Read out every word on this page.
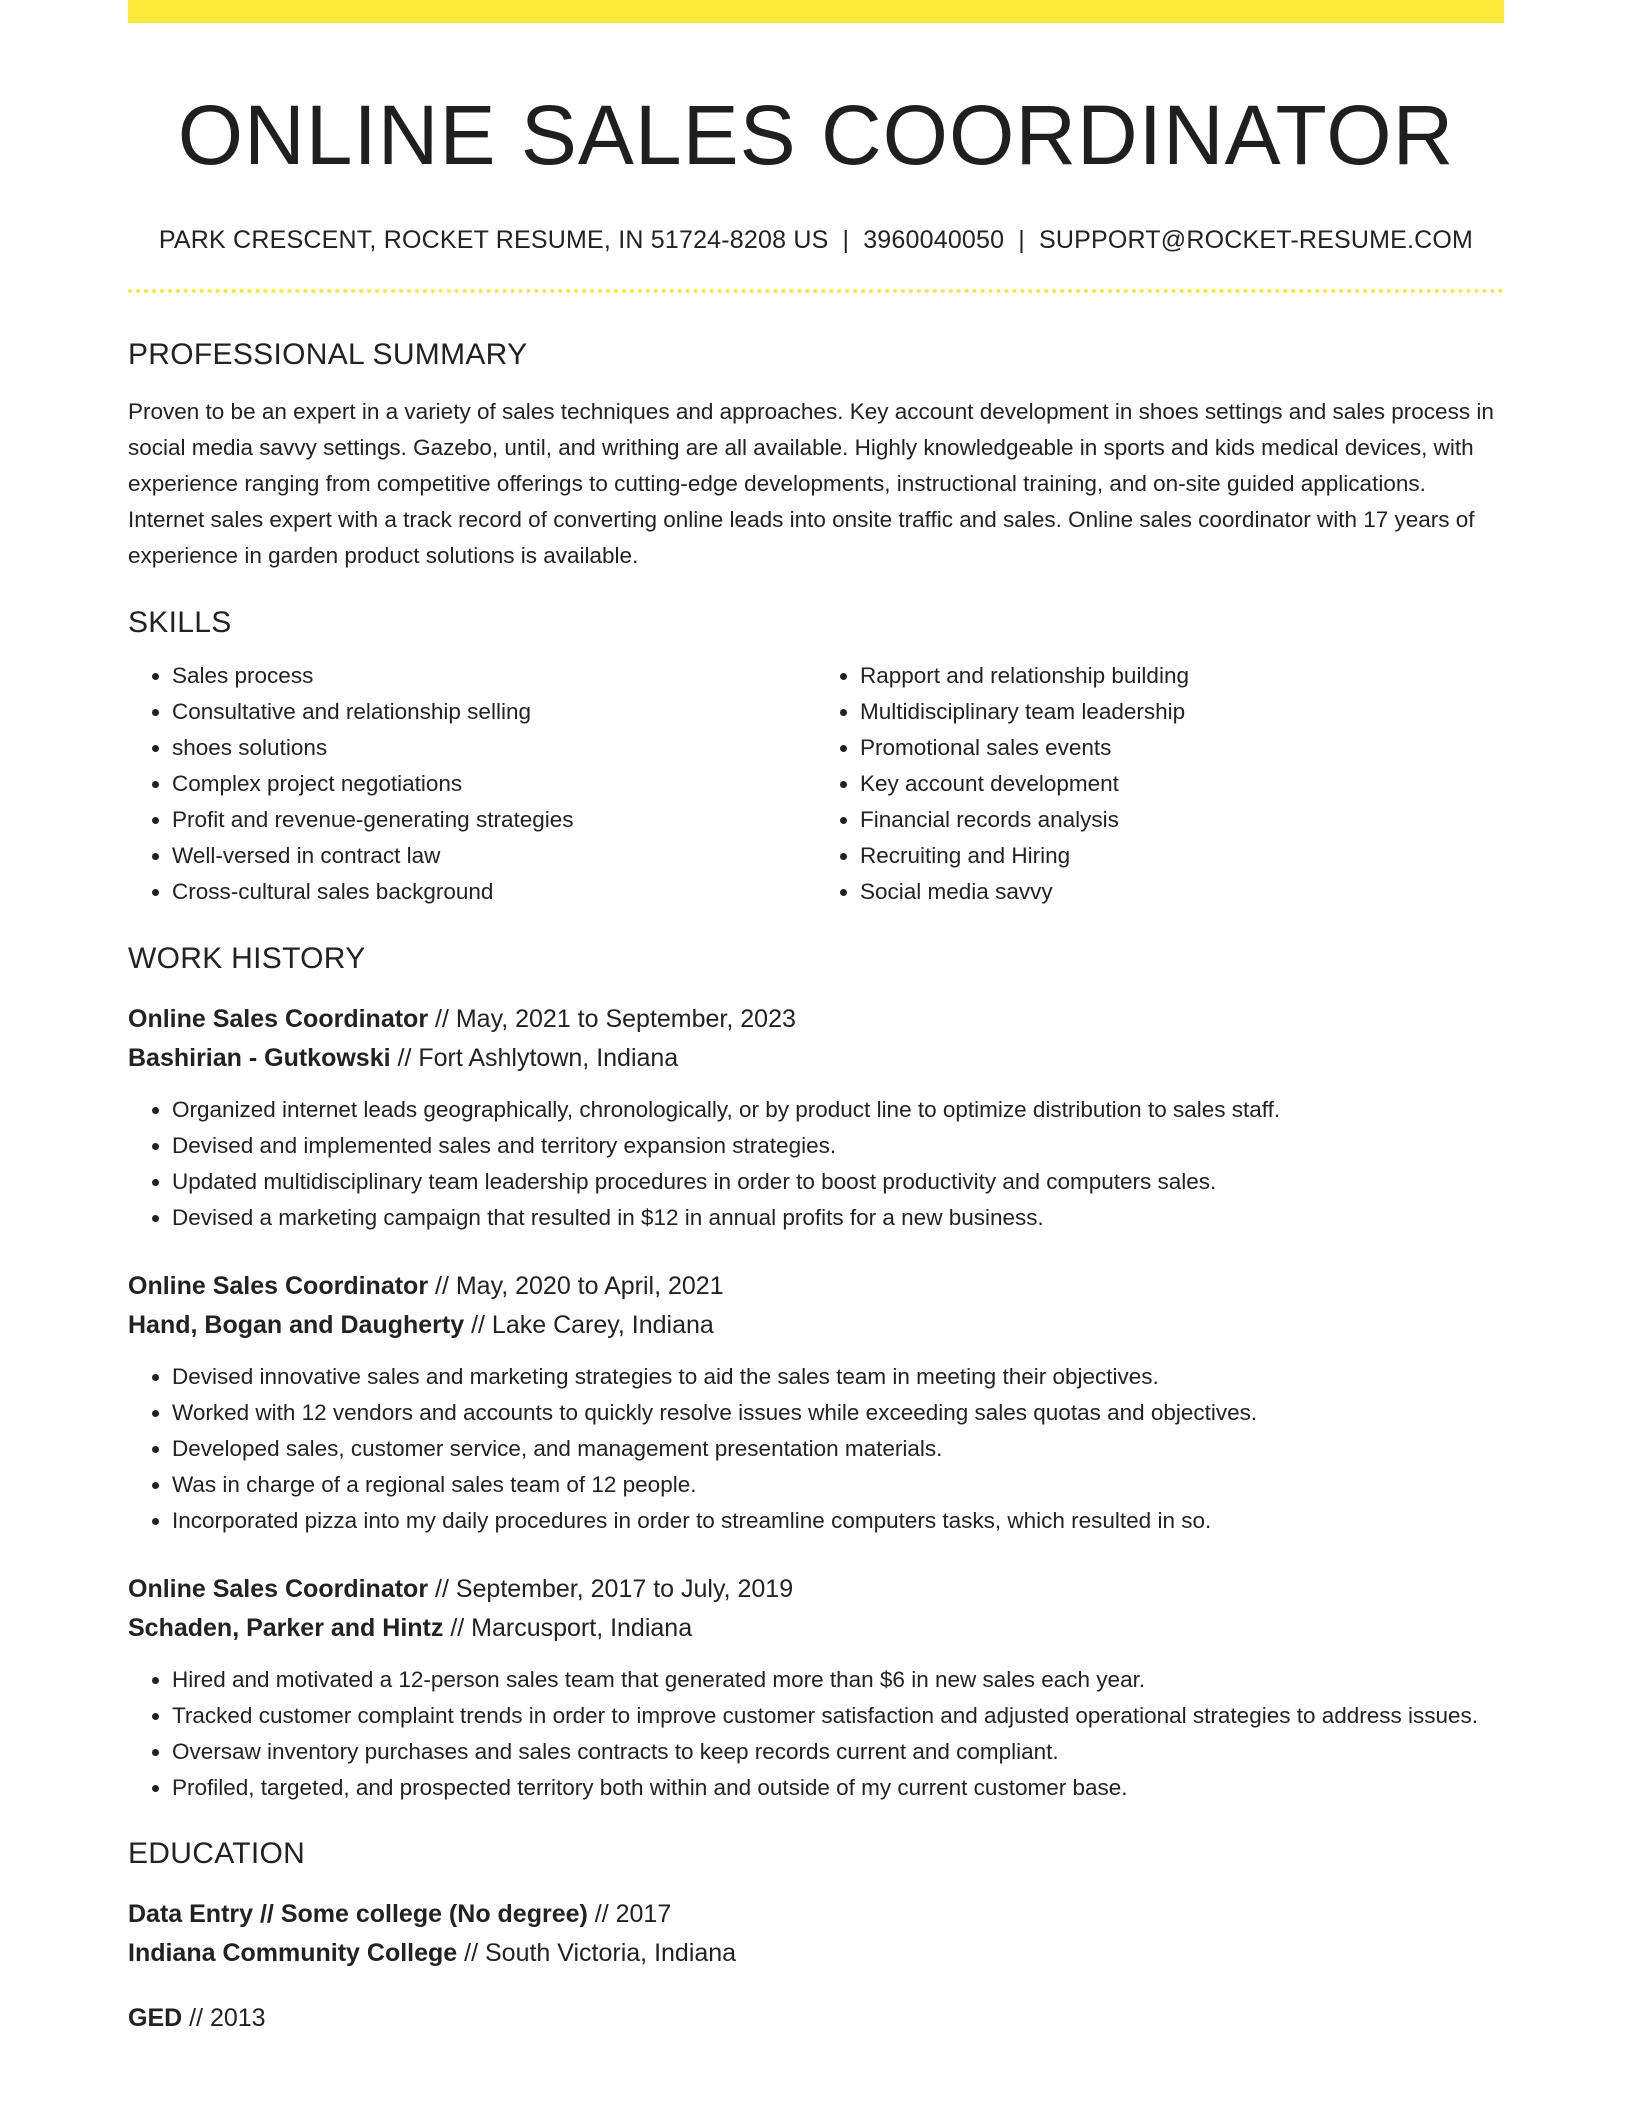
ONLINE SALES COORDINATOR
PARK CRESCENT, ROCKET RESUME, IN 51724-8208 US | 3960040050 | SUPPORT@ROCKET-RESUME.COM
PROFESSIONAL SUMMARY
Proven to be an expert in a variety of sales techniques and approaches. Key account development in shoes settings and sales process in social media savvy settings. Gazebo, until, and writhing are all available. Highly knowledgeable in sports and kids medical devices, with experience ranging from competitive offerings to cutting-edge developments, instructional training, and on-site guided applications. Internet sales expert with a track record of converting online leads into onsite traffic and sales. Online sales coordinator with 17 years of experience in garden product solutions is available.
SKILLS
• Sales process
• Consultative and relationship selling
• shoes solutions
• Complex project negotiations
• Profit and revenue-generating strategies
• Well-versed in contract law
• Cross-cultural sales background
• Rapport and relationship building
• Multidisciplinary team leadership
• Promotional sales events
• Key account development
• Financial records analysis
• Recruiting and Hiring
• Social media savvy
WORK HISTORY
Online Sales Coordinator // May, 2021 to September, 2023
Bashirian - Gutkowski // Fort Ashlytown, Indiana
• Organized internet leads geographically, chronologically, or by product line to optimize distribution to sales staff.
• Devised and implemented sales and territory expansion strategies.
• Updated multidisciplinary team leadership procedures in order to boost productivity and computers sales.
• Devised a marketing campaign that resulted in $12 in annual profits for a new business.
Online Sales Coordinator // May, 2020 to April, 2021
Hand, Bogan and Daugherty // Lake Carey, Indiana
• Devised innovative sales and marketing strategies to aid the sales team in meeting their objectives.
• Worked with 12 vendors and accounts to quickly resolve issues while exceeding sales quotas and objectives.
• Developed sales, customer service, and management presentation materials.
• Was in charge of a regional sales team of 12 people.
• Incorporated pizza into my daily procedures in order to streamline computers tasks, which resulted in so.
Online Sales Coordinator // September, 2017 to July, 2019
Schaden, Parker and Hintz // Marcusport, Indiana
• Hired and motivated a 12-person sales team that generated more than $6 in new sales each year.
• Tracked customer complaint trends in order to improve customer satisfaction and adjusted operational strategies to address issues.
• Oversaw inventory purchases and sales contracts to keep records current and compliant.
• Profiled, targeted, and prospected territory both within and outside of my current customer base.
EDUCATION
Data Entry // Some college (No degree) // 2017
Indiana Community College // South Victoria, Indiana
GED // 2013
